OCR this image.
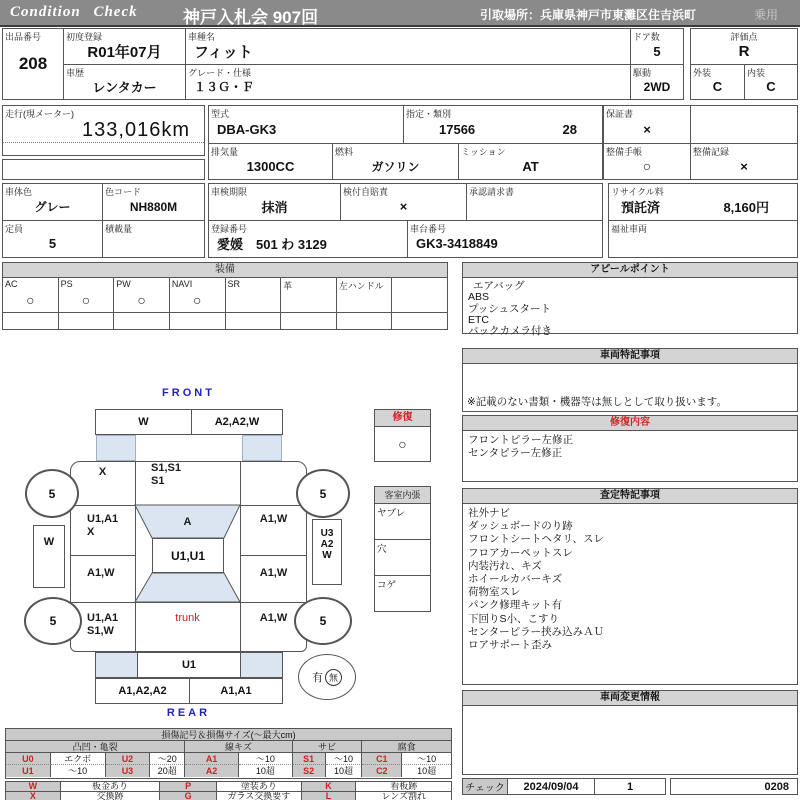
Condition Check	神戸入札会 907回	引取場所：兵庫県神戸市東灘区住吉浜町	乗用
出品番号
208
初度登録
R01年07月
車種名
フィット
ドア数
5
車歴
レンタカー
グレード・仕様
１３Ｇ・Ｆ
駆動
2WD
評価点
R
外装
C
内装
C
走行(現メーター)
133,016km
型式
DBA-GK3
指定・類別
17566	28
排気量
1300CC
燃料
ガソリン
ミッション
AT
保証書
×
整備手帳
○
整備記録
×
車体色
グレー
色コード
NH880M
定員
5
積載量
車検期限
抹消
検付自賠責
×
承認請求書
登録番号
愛媛　501 わ 3129
車台番号
GK3-3418849
リサイクル料
預託済	8,160円
福祉車両
装備
AC
○
PS
○
PW
○
NAVI
○
SR	革	左ハンドル
アピールポイント
エアバッグ
ABS
プッシュスタート
ETC
バックカメラ付き
車両特記事項
※記載のない書類・機器等は無しとして取り扱います。
修復内容
フロントピラー左修正
センタピラー左修正
査定特記事項
社外ナビ
ダッシュボードのり跡
フロントシートヘタリ、スレ
フロアカーペットスレ
内装汚れ、キズ
ホイールカバーキズ
荷物室スレ
パンク修理キット有
下回りS小、こすり
センターピラー挟み込みＡＵ
ロアサポート歪み
車両変更情報
チェック	2024/09/04	1	0208
FRONT
W	A2,A2,W
U1,U1
X	S1,S1
S1
U1,A1
X
A	A1,W
A1,W	A1,W
U1,A1
S1,W
trunk	A1,W
W
U3
A2
W
5	5
5	5
U1
A1,A2,A2	A1,A1
REAR
有 無
修復
○
客室内張
ヤブレ
穴
コゲ
損傷記号＆損傷サイズ(〜最大cm)
凸凹・亀裂	線キズ	サビ	腐食
U0	エクボ	U2	〜20	A1	〜10	S1	〜10	C1	〜10
U1	〜10	U3	20超	A2	10超	S2	10超	C2	10超
W	板金あり	P	塗装あり	K	看板跡
X	交換跡	G	ガラス交換要す	L	レンズ割れ
